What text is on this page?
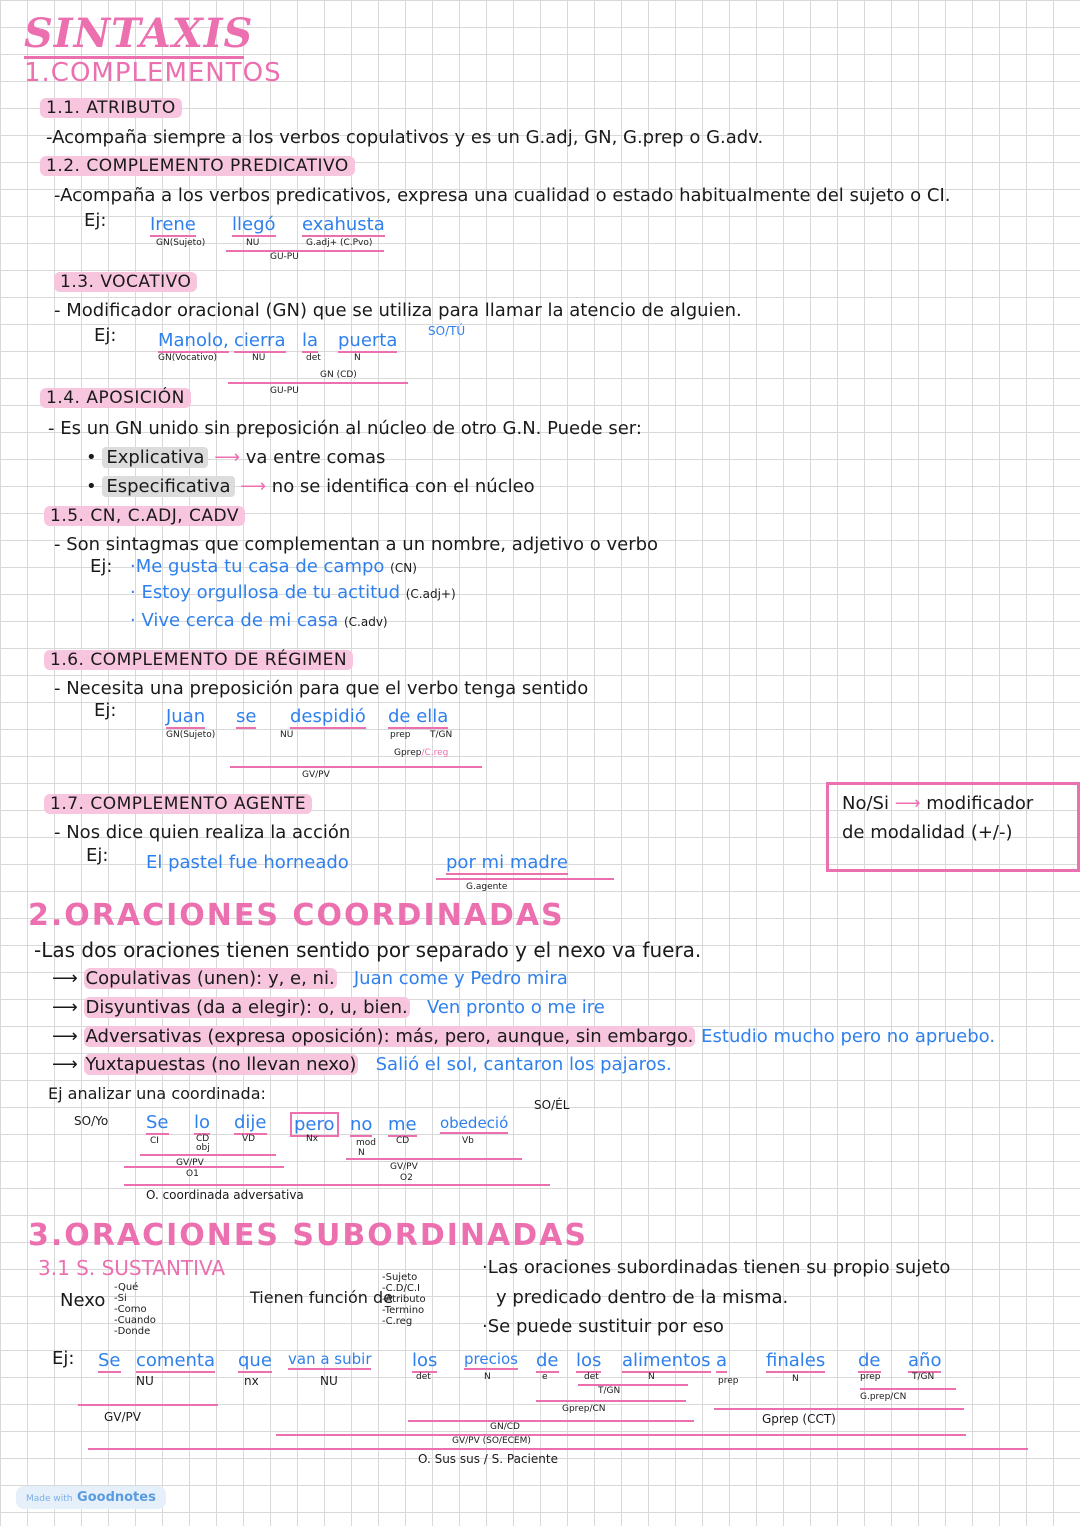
SINTAXIS
1.COMPLEMENTOS
1.1. ATRIBUTO
-Acompaña siempre a los verbos copulativos y es un G.adj, GN, G.prep o G.adv.
1.2. COMPLEMENTO PREDICATIVO
-Acompaña a los verbos predicativos, expresa una cualidad o estado habitualmente del sujeto o CI.
Ej: Irene llegó exahusta
GN(Sujeto)	NU	G.adj+ (C.Pvo)
GU-PU
1.3. VOCATIVO
- Modificador oracional (GN) que se utiliza para llamar la atencio de alguien.
Ej:	SO/TÚ
Manolo, cierra la puerta
GN(Vocativo)	NU	det	N
GN (CD)
GU-PU
1.4. APOSICIÓN
- Es un GN unido sin preposición al núcleo de otro G.N. Puede ser:
• Explicativa ⟶ va entre comas
• Especificativa ⟶ no se identifica con el núcleo
1.5. CN, C.ADJ, CADV
- Son sintagmas que complementan a un nombre, adjetivo o verbo
Ej: ·Me gusta tu casa de campo (CN)
· Estoy orgullosa de tu actitud (C.adj+)
· Vive cerca de mi casa (C.adv)
1.6. COMPLEMENTO DE RÉGIMEN
- Necesita una preposición para que el verbo tenga sentido
Ej:	Juan se despidió de ella
GN(Sujeto)	NU	prep T/GN
Gprep/C.reg
GV/PV
1.7. COMPLEMENTO AGENTE
- Nos dice quien realiza la acción
Ej: El pastel fue horneado	por mi madre
G.agente
No/Si ⟶ modificador
de modalidad (+/-)
2.ORACIONES COORDINADAS
-Las dos oraciones tienen sentido por separado y el nexo va fuera.
⟶ Copulativas (unen): y, e, ni. Juan come y Pedro mira
⟶ Disyuntivas (da a elegir): o, u, bien. Ven pronto o me ire
⟶ Adversativas (expresa oposición): más, pero, aunque, sin embargo. Estudio mucho pero no apruebo.
⟶ Yuxtapuestas (no llevan nexo) Salió el sol, cantaron los pajaros.
Ej analizar una coordinada:
SO/Yo
SO/ÉL
Se lo dije pero no me obedeció
CI	CD
obj
VD	Nx	mod
N
CD	Vb
GV/PV
O1
GV/PV
O2
O. coordinada adversativa
3.ORACIONES SUBORDINADAS
3.1 S. SUSTANTIVA
Nexo
-Qué
-Si
-Como
-Cuando
-Donde
Tienen función de
-Sujeto
-C.D/C.I
-Atributo
-Termino
-C.reg
·Las oraciones subordinadas tienen su propio sujeto
y predicado dentro de la misma.
·Se puede sustituir por eso
Ej: Se comenta que van a subir los precios de los alimentos a finales de año
NU	nx	NU	det	N	e	det	N	prep	N	prep	T/GN
T/GN
G.prep/CN
Gprep/CN
GV/PV	Gprep (CCT)
GN/CD
GV/PV (SO/ECEM)
O. Sus sus / S. Paciente
Made with Goodnotes
